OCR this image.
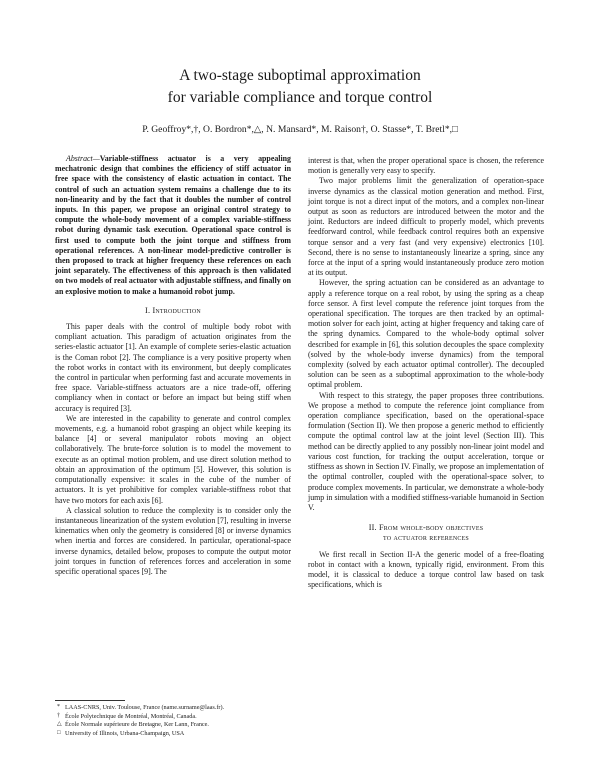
A two-stage suboptimal approximation
for variable compliance and torque control
P. Geoffroy*,†, O. Bordron*,△, N. Mansard*, M. Raison†, O. Stasse*, T. Bretl*,□

Abstract—Variable-stiffness actuator is a very appealing mechatronic design that combines the efficiency of stiff actuator in free space with the consistency of elastic actuation in contact. The control of such an actuation system remains a challenge due to its non-linearity and by the fact that it doubles the number of control inputs. In this paper, we propose an original control strategy to compute the whole-body movement of a complex variable-stiffness robot during dynamic task execution. Operational space control is first used to compute both the joint torque and stiffness from operational references. A non-linear model-predictive controller is then proposed to track at higher frequency these references on each joint separately. The effectiveness of this approach is then validated on two models of real actuator with adjustable stiffness, and finally on an explosive motion to make a humanoid robot jump.

I. Introduction

This paper deals with the control of multiple body robot with compliant actuation. This paradigm of actuation originates from the series-elastic actuator [1]. An example of complete series-elastic actuation is the Coman robot [2]. The compliance is a very positive property when the robot works in contact with its environment, but deeply complicates the control in particular when performing fast and accurate movements in free space. Variable-stiffness actuators are a nice trade-off, offering compliancy when in contact or before an impact but being stiff when accuracy is required [3].

We are interested in the capability to generate and control complex movements, e.g. a humanoid robot grasping an object while keeping its balance [4] or several manipulator robots moving an object collaboratively. The brute-force solution is to model the movement to execute as an optimal motion problem, and use direct solution method to obtain an approximation of the optimum [5]. However, this solution is computationally expensive: it scales in the cube of the number of actuators. It is yet prohibitive for complex variable-stiffness robot that have two motors for each axis [6].

A classical solution to reduce the complexity is to consider only the instantaneous linearization of the system evolution [7], resulting in inverse kinematics when only the geometry is considered [8] or inverse dynamics when inertia and forces are considered. In particular, operational-space inverse dynamics, detailed below, proposes to compute the output motor joint torques in function of references forces and acceleration in some specific operational spaces [9]. The

interest is that, when the proper operational space is chosen, the reference motion is generally very easy to specify.

Two major problems limit the generalization of operation-space inverse dynamics as the classical motion generation and method. First, joint torque is not a direct input of the motors, and a complex non-linear output as soon as reductors are introduced between the motor and the joint. Reductors are indeed difficult to properly model, which prevents feedforward control, while feedback control requires both an expensive torque sensor and a very fast (and very expensive) electronics [10]. Second, there is no sense to instantaneously linearize a spring, since any force at the input of a spring would instantaneously produce zero motion at its output.

However, the spring actuation can be considered as an advantage to apply a reference torque on a real robot, by using the spring as a cheap force sensor. A first level compute the reference joint torques from the operational specification. The torques are then tracked by an optimal-motion solver for each joint, acting at higher frequency and taking care of the spring dynamics. Compared to the whole-body optimal solver described for example in [6], this solution decouples the space complexity (solved by the whole-body inverse dynamics) from the temporal complexity (solved by each actuator optimal controller). The decoupled solution can be seen as a suboptimal approximation to the whole-body optimal problem.

With respect to this strategy, the paper proposes three contributions. We propose a method to compute the reference joint compliance from operation compliance specification, based on the operational-space formulation (Section II). We then propose a generic method to efficiently compute the optimal control law at the joint level (Section III). This method can be directly applied to any possibly non-linear joint model and various cost function, for tracking the output acceleration, torque or stiffness as shown in Section IV. Finally, we propose an implementation of the optimal controller, coupled with the operational-space solver, to produce complex movements. In particular, we demonstrate a whole-body jump in simulation with a modified stiffness-variable humanoid in Section V.

II. From whole-body objectives
to actuator references

We first recall in Section II-A the generic model of a free-floating robot in contact with a known, typically rigid, environment. From this model, it is classical to deduce a torque control law based on task specifications, which is

* LAAS-CNRS, Univ. Toulouse, France (name.surname@laas.fr).
† École Polytechnique de Montréal, Montréal, Canada.
△ École Normale supérieure de Bretagne, Ker Lann, France.
□ University of Illinois, Urbana-Champaign, USA
